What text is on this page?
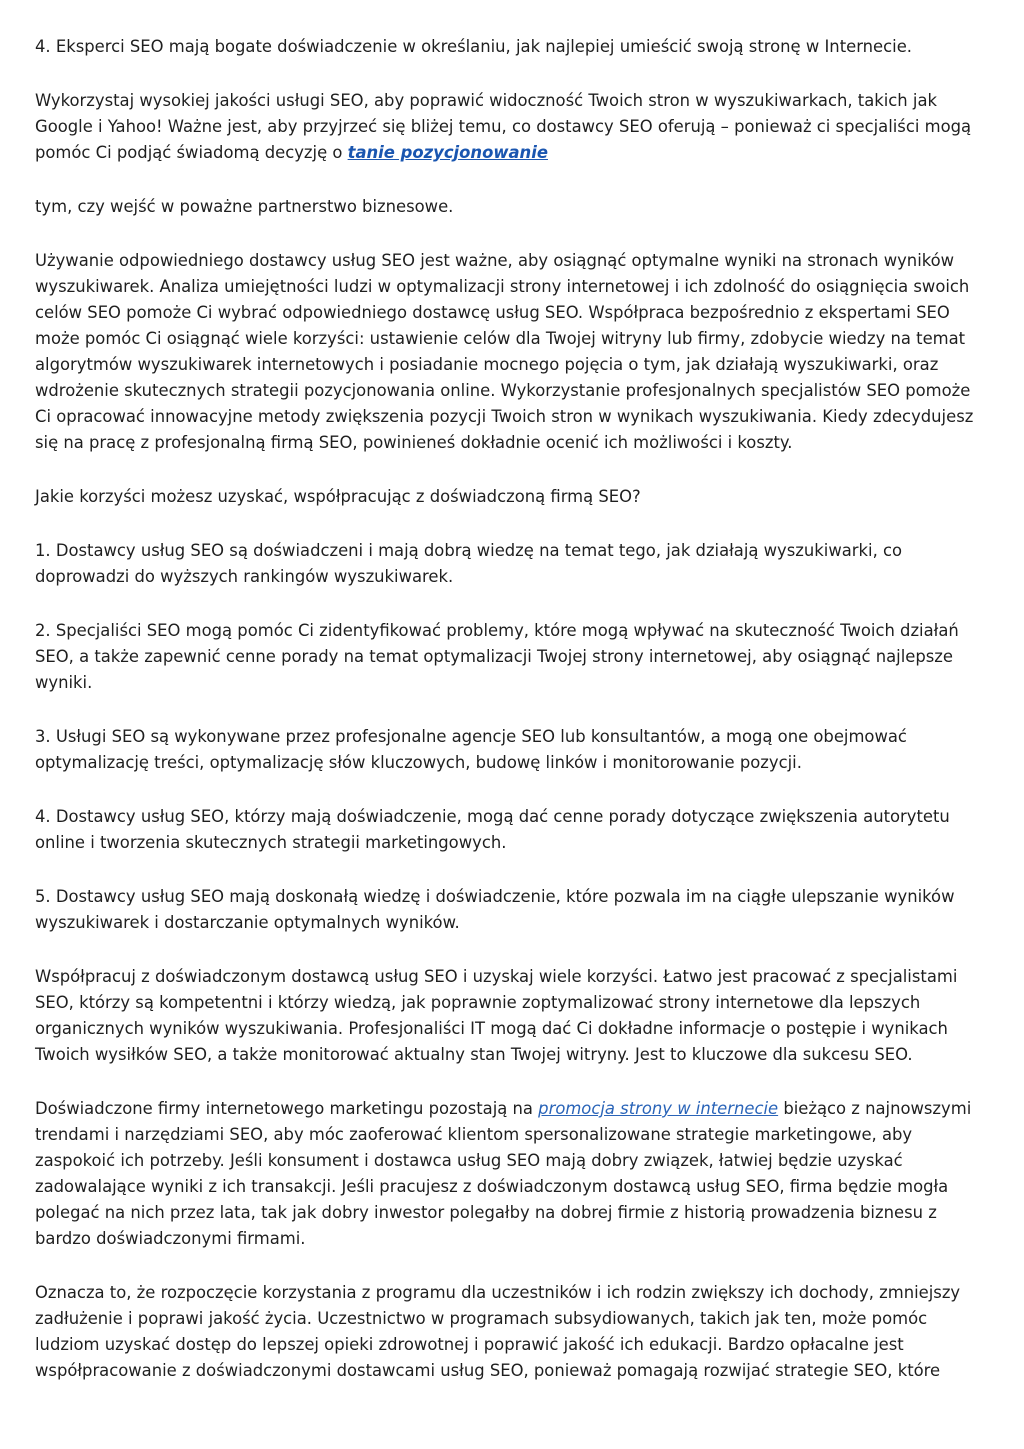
4. Eksperci SEO mają bogate doświadczenie w określaniu, jak najlepiej umieścić swoją stronę w Internecie.

Wykorzystaj wysokiej jakości usługi SEO, aby poprawić widoczność Twoich stron w wyszukiwarkach, takich jak Google i Yahoo! Ważne jest, aby przyjrzeć się bliżej temu, co dostawcy SEO oferują – ponieważ ci specjaliści mogą pomóc Ci podjąć świadomą decyzję o tanie pozycjonowanie

tym, czy wejść w poważne partnerstwo biznesowe.

Używanie odpowiedniego dostawcy usług SEO jest ważne, aby osiągnąć optymalne wyniki na stronach wyników wyszukiwarek. Analiza umiejętności ludzi w optymalizacji strony internetowej i ich zdolność do osiągnięcia swoich celów SEO pomoże Ci wybrać odpowiedniego dostawcę usług SEO. Współpraca bezpośrednio z ekspertami SEO może pomóc Ci osiągnąć wiele korzyści: ustawienie celów dla Twojej witryny lub firmy, zdobycie wiedzy na temat algorytmów wyszukiwarek internetowych i posiadanie mocnego pojęcia o tym, jak działają wyszukiwarki, oraz wdrożenie skutecznych strategii pozycjonowania online. Wykorzystanie profesjonalnych specjalistów SEO pomoże Ci opracować innowacyjne metody zwiększenia pozycji Twoich stron w wynikach wyszukiwania. Kiedy zdecydujesz się na pracę z profesjonalną firmą SEO, powinieneś dokładnie ocenić ich możliwości i koszty.

Jakie korzyści możesz uzyskać, współpracując z doświadczoną firmą SEO?

1. Dostawcy usług SEO są doświadczeni i mają dobrą wiedzę na temat tego, jak działają wyszukiwarki, co doprowadzi do wyższych rankingów wyszukiwarek.

2. Specjaliści SEO mogą pomóc Ci zidentyfikować problemy, które mogą wpływać na skuteczność Twoich działań SEO, a także zapewnić cenne porady na temat optymalizacji Twojej strony internetowej, aby osiągnąć najlepsze wyniki.

3. Usługi SEO są wykonywane przez profesjonalne agencje SEO lub konsultantów, a mogą one obejmować optymalizację treści, optymalizację słów kluczowych, budowę linków i monitorowanie pozycji.

4. Dostawcy usług SEO, którzy mają doświadczenie, mogą dać cenne porady dotyczące zwiększenia autorytetu online i tworzenia skutecznych strategii marketingowych.

5. Dostawcy usług SEO mają doskonałą wiedzę i doświadczenie, które pozwala im na ciągłe ulepszanie wyników wyszukiwarek i dostarczanie optymalnych wyników.

Współpracuj z doświadczonym dostawcą usług SEO i uzyskaj wiele korzyści. Łatwo jest pracować z specjalistami SEO, którzy są kompetentni i którzy wiedzą, jak poprawnie zoptymalizować strony internetowe dla lepszych organicznych wyników wyszukiwania. Profesjonaliści IT mogą dać Ci dokładne informacje o postępie i wynikach Twoich wysiłków SEO, a także monitorować aktualny stan Twojej witryny. Jest to kluczowe dla sukcesu SEO.

Doświadczone firmy internetowego marketingu pozostają na promocja strony w internecie bieżąco z najnowszymi trendami i narzędziami SEO, aby móc zaoferować klientom spersonalizowane strategie marketingowe, aby zaspokoić ich potrzeby. Jeśli konsument i dostawca usług SEO mają dobry związek, łatwiej będzie uzyskać zadowalające wyniki z ich transakcji. Jeśli pracujesz z doświadczonym dostawcą usług SEO, firma będzie mogła polegać na nich przez lata, tak jak dobry inwestor polegałby na dobrej firmie z historią prowadzenia biznesu z bardzo doświadczonymi firmami.

Oznacza to, że rozpoczęcie korzystania z programu dla uczestników i ich rodzin zwiększy ich dochody, zmniejszy zadłużenie i poprawi jakość życia. Uczestnictwo w programach subsydiowanych, takich jak ten, może pomóc ludziom uzyskać dostęp do lepszej opieki zdrowotnej i poprawić jakość ich edukacji. Bardzo opłacalne jest współpracowanie z doświadczonymi dostawcami usług SEO, ponieważ pomagają rozwijać strategie SEO, które
